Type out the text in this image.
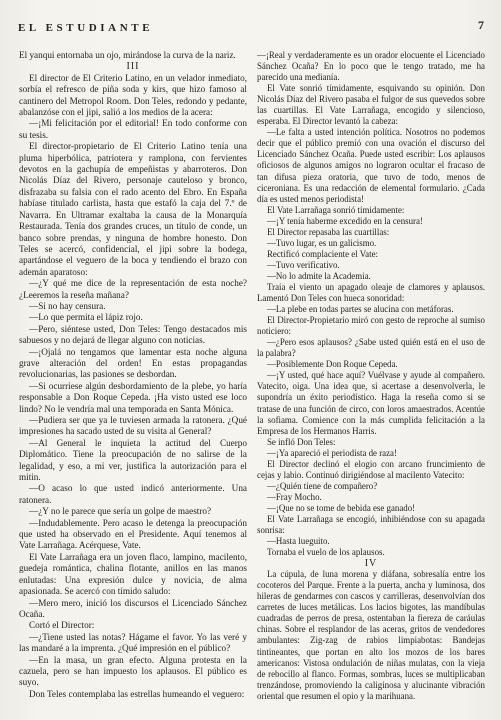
EL ESTUDIANTE	7

El yanqui entornaba un ojo, mirándose la curva de la nariz.

III

El director de El Criterio Latino, en un velador inmediato, sorbía el refresco de piña soda y kirs, que hizo famoso al cantinero del Metropol Room. Don Teles, redondo y pedante, abalanzóse con el jipi, salió a los medios de la acera:

—¡Mi felicitación por el editorial! En todo conforme con su tesis.

El director-propietario de El Criterio Latino tenía una pluma hiperbólica, patriotera y ramplona, con fervientes devotos en la gachupía de empeñistas y abarroteros. Don Nicolás Díaz del Rivero, personaje cauteloso y bronco, disfrazaba su falsia con el rado acento del Ebro. En España habíase titulado carlista, hasta que estafó la caja del 7.º de Navarra. En Ultramar exaltaba la causa de la Monarquía Restaurada. Tenía dos grandes cruces, un título de conde, un banco sobre prendas, y ninguna de hombre honesto. Don Teles se acercó, confidencial, el jipi sobre la bodega, apartándose el veguero de la boca y tendiendo el brazo con ademán aparatoso:

—¿Y qué me dice de la representación de esta noche? ¿Leeremos la reseña mañana?

—Si no hay censura.

—Lo que permita el lápiz rojo.

—Pero, siéntese usted, Don Teles: Tengo destacados mis sabuesos y no dejará de llegar alguno con noticias.

—¡Ojalá no tengamos que lamentar esta noche alguna grave alteración del orden! En estas propagandas revolucionarias, las pasiones se desbordan.

—Si ocurriese algún desbordamiento de la plebe, yo haría responsable a Don Roque Cepeda. ¡Ha visto usted ese loco lindo? No le vendría mal una temporada en Santa Mónica.

—Pudiera ser que ya le tuviesen armada la ratonera. ¿Qué impresiones ha sacado usted de su visita al General?

—Al General le inquieta la actitud del Cuerpo Diplomático. Tiene la preocupación de no salirse de la legalidad, y eso, a mi ver, justifica la autorización para el mitin.

—O acaso lo que usted indicó anteriormente. Una ratonera.

—¿Y no le parece que sería un golpe de maestro?

—Indudablemente. Pero acaso le detenga la preocupación que usted ha observado en el Presidente. Aquí tenemos al Vate Larrañaga. Acérquese, Vate.

El Vate Larrañaga era un joven flaco, lampino, macilento, guedeja romántica, chalina flotante, anillos en las manos enlutadas: Una expresión dulce y novicia, de alma apasionada. Se acercó con tímido saludo:

—Mero mero, inició los discursos el Licenciado Sánchez Ocaña.

Cortó el Director:

—¿Tiene usted las notas? Hágame el favor. Yo las veré y las mandaré a la imprenta. ¿Qué impresión en el público?

—En la masa, un gran efecto. Alguna protesta en la cazuela, pero se han impuesto los aplausos. El público es suyo.

Don Teles contemplaba las estrellas humeando el veguero:

—¡Real y verdaderamente es un orador elocuente el Licenciado Sánchez Ocaña? En lo poco que le tengo tratado, me ha parecido una medianía.

El Vate sonrió tímidamente, esquivando su opinión. Don Nicolás Díaz del Rivero pasaba el fulgor de sus quevedos sobre las cuartillas. El Vate Larrañaga, encogido y silencioso, esperaba. El Director levantó la cabeza:

—Le falta a usted intención política. Nosotros no podemos decir que el público premió con una ovación el discurso del Licenciado Sánchez Ocaña. Puede usted escribir: Los aplausos oficiosos de algunos amigos no lograron ocultar el fracaso de tan difusa pieza oratoria, que tuvo de todo, menos de ciceroniana. Es una redacción de elemental formulario. ¿Cada día es usted menos periodista!

El Vate Larrañaga sonrió tímidamente:

—¡Y tenía haberme excedido en la censura!

El Director repasaba las cuartillas:

—Tuvo lugar, es un galicismo.

Rectificó complaciente el Vate:

—Tuvo verificativo.

—No lo admite la Academia.

Traía el viento un apagado oleaje de clamores y aplausos. Lamentó Don Teles con hueca sonoridad:

—La plebe en todas partes se alucina con metáforas.

El Director-Propietario miró con gesto de reproche al sumiso noticiero:

—¿Pero esos aplausos? ¿Sabe usted quién está en el uso de la palabra?

—Posiblemente Don Roque Cepeda.

—¡Y usted, qué hace aquí? Vuélvase y ayude al compañero. Vatecito, oiga. Una idea que, si acertase a desenvolverla, le supondría un éxito periodístico. Haga la reseña como si se tratase de una función de circo, con loros amaestrados. Acentúe la sofiama. Comience con la más cumplida felicitación a la Empresa de los Hermanos Harris.

Se infló Don Teles:

—¡Ya apareció el periodista de raza!

El Director declinó el elogio con arcano fruncimiento de cejas y labio. Continuó dirigiéndose al macilento Vatecito:

—¿Quién tiene de compañero?

—Fray Mocho.

—¡Que no se tome de bebida ese ganado!

El Vate Larrañaga se encogió, inhibiéndose con su apagada sonrisa:

—Hasta lueguito.

Tornaba el vuelo de los aplausos.

IV

La cúpula, de luna morena y diáfana, sobresalía entre los cocoteros del Parque. Frente a la puerta, ancha y luminosa, dos hileras de gendarmes con cascos y carrilleras, desenvolvían dos carretes de luces metálicas. Los lacios bigotes, las mandíbulas cuadradas de perros de presa, ostentaban la fiereza de caráulas chinas. Sobre el resplandor de las aceras, gritos de vendedores ambulantes: Zig-zag de rabios limpiabotas: Bandejas tintineantes, que portan en alto los mozos de los bares americanos: Vistosa ondulación de niñas mulatas, con la vieja de rebocillo al flanco. Formas, sombras, luces se multiplicaban trenzándose, promoviendo la caliginosa y alucinante vibración oriental que resumen el opio y la marihuana.
